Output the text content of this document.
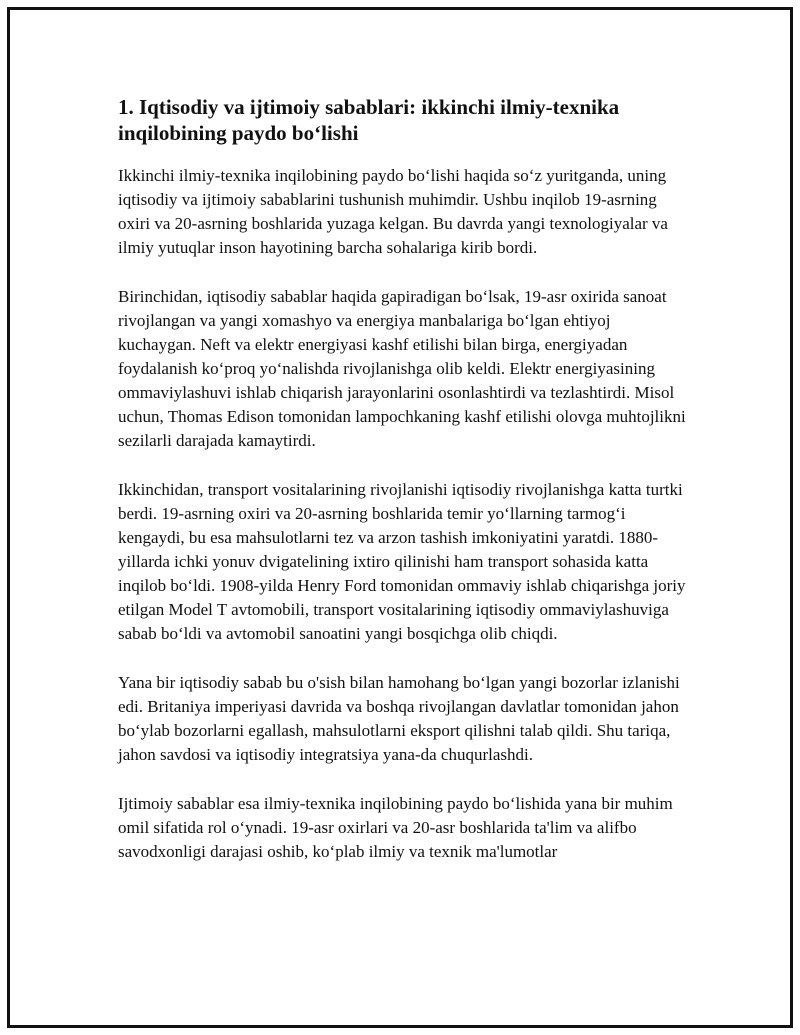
1. Iqtisodiy va ijtimoiy sabablari: ikkinchi ilmiy-texnika inqilobining paydo bo‘lishi

Ikkinchi ilmiy-texnika inqilobining paydo bo‘lishi haqida so‘z yuritganda, uning iqtisodiy va ijtimoiy sabablarini tushunish muhimdir. Ushbu inqilob 19-asrning oxiri va 20-asrning boshlarida yuzaga kelgan. Bu davrda yangi texnologiyalar va ilmiy yutuqlar inson hayotining barcha sohalariga kirib bordi.

Birinchidan, iqtisodiy sabablar haqida gapiradigan bo‘lsak, 19-asr oxirida sanoat rivojlangan va yangi xomashyo va energiya manbalariga bo‘lgan ehtiyoj kuchaygan. Neft va elektr energiyasi kashf etilishi bilan birga, energiyadan foydalanish ko‘proq yo‘nalishda rivojlanishga olib keldi. Elektr energiyasining ommaviylashuvi ishlab chiqarish jarayonlarini osonlashtirdi va tezlashtirdi. Misol uchun, Thomas Edison tomonidan lampochkaning kashf etilishi olovga muhtojlikni sezilarli darajada kamaytirdi.

Ikkinchidan, transport vositalarining rivojlanishi iqtisodiy rivojlanishga katta turtki berdi. 19-asrning oxiri va 20-asrning boshlarida temir yo‘llarning tarmog‘i kengaydi, bu esa mahsulotlarni tez va arzon tashish imkoniyatini yaratdi. 1880-yillarda ichki yonuv dvigatelining ixtiro qilinishi ham transport sohasida katta inqilob bo‘ldi. 1908-yilda Henry Ford tomonidan ommaviy ishlab chiqarishga joriy etilgan Model T avtomobili, transport vositalarining iqtisodiy ommaviylashuviga sabab bo‘ldi va avtomobil sanoatini yangi bosqichga olib chiqdi.

Yana bir iqtisodiy sabab bu o'sish bilan hamohang bo‘lgan yangi bozorlar izlanishi edi. Britaniya imperiyasi davrida va boshqa rivojlangan davlatlar tomonidan jahon bo‘ylab bozorlarni egallash, mahsulotlarni eksport qilishni talab qildi. Shu tariqa, jahon savdosi va iqtisodiy integratsiya yana-da chuqurlashdi.

Ijtimoiy sabablar esa ilmiy-texnika inqilobining paydo bo‘lishida yana bir muhim omil sifatida rol o‘ynadi. 19-asr oxirlari va 20-asr boshlarida ta'lim va alifbo savodxonligi darajasi oshib, ko‘plab ilmiy va texnik ma'lumotlar
